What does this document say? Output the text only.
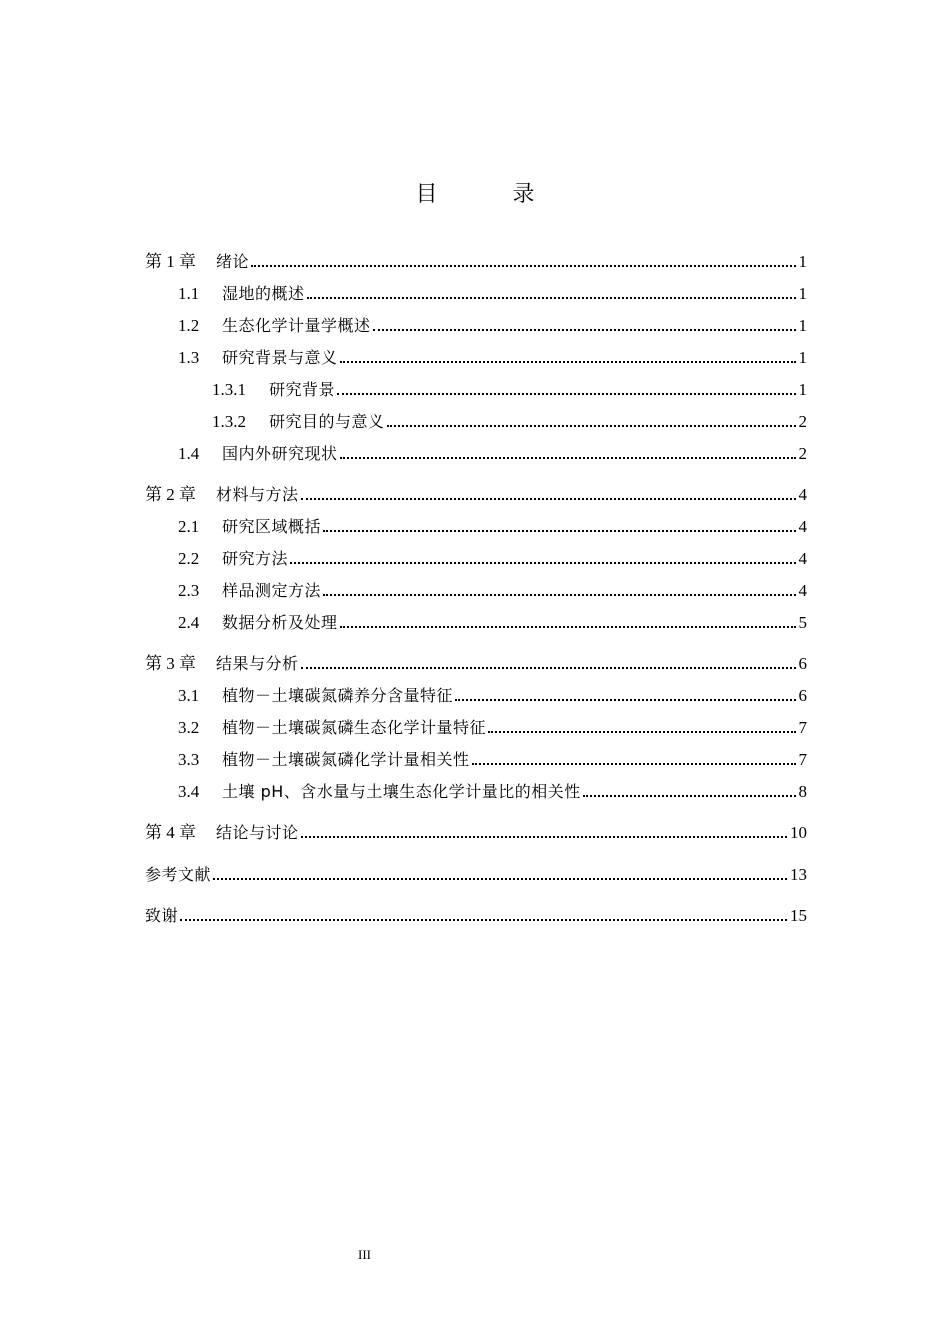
目 录
第 1 章 绪论	1
1.1	湿地的概述	1
1.2	生态化学计量学概述	1
1.3	研究背景与意义	1
1.3.1	研究背景	1
1.3.2	研究目的与意义	2
1.4	国内外研究现状	2
第 2 章 材料与方法	4
2.1	研究区域概括	4
2.2	研究方法	4
2.3	样品测定方法	4
2.4	数据分析及处理	5
第 3 章 结果与分析	6
3.1	植物－土壤碳氮磷养分含量特征	6
3.2	植物－土壤碳氮磷生态化学计量特征	7
3.3	植物－土壤碳氮磷化学计量相关性	7
3.4	土壤 pH、含水量与土壤生态化学计量比的相关性	8
第 4 章 结论与讨论	10
参考文献	13
致谢	15
III
